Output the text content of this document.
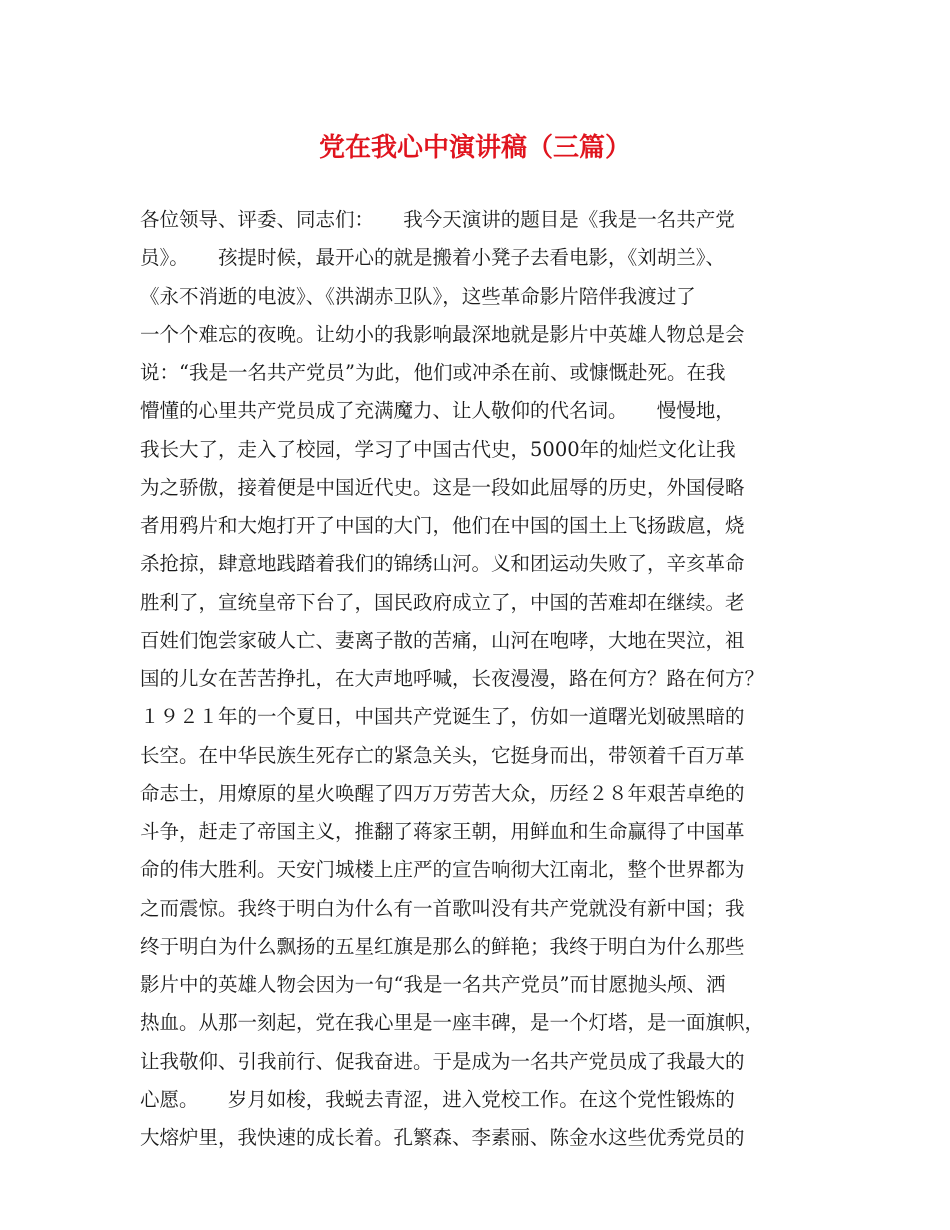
党在我心中演讲稿（三篇）
各位领导、评委、同志们：　　我今天演讲的题目是《我是一名共产党
员》。　　孩提时候，最开心的就是搬着小凳子去看电影，《刘胡兰》、
《永不消逝的电波》、《洪湖赤卫队》，这些革命影片陪伴我渡过了
一个个难忘的夜晚。让幼小的我影响最深地就是影片中英雄人物总是会
说：“我是一名共产党员”为此，他们或冲杀在前、或慷慨赴死。在我
懵懂的心里共产党员成了充满魔力、让人敬仰的代名词。　　慢慢地，
我长大了，走入了校园，学习了中国古代史，5000年的灿烂文化让我
为之骄傲，接着便是中国近代史。这是一段如此屈辱的历史，外国侵略
者用鸦片和大炮打开了中国的大门，他们在中国的国土上飞扬跋扈，烧
杀抢掠，肆意地践踏着我们的锦绣山河。义和团运动失败了，辛亥革命
胜利了，宣统皇帝下台了，国民政府成立了，中国的苦难却在继续。老
百姓们饱尝家破人亡、妻离子散的苦痛，山河在咆哮，大地在哭泣，祖
国的儿女在苦苦挣扎，在大声地呼喊，长夜漫漫，路在何方？路在何方？
１９２１年的一个夏日，中国共产党诞生了，仿如一道曙光划破黑暗的
长空。在中华民族生死存亡的紧急关头，它挺身而出，带领着千百万革
命志士，用燎原的星火唤醒了四万万劳苦大众，历经２８年艰苦卓绝的
斗争，赶走了帝国主义，推翻了蒋家王朝，用鲜血和生命赢得了中国革
命的伟大胜利。天安门城楼上庄严的宣告响彻大江南北，整个世界都为
之而震惊。我终于明白为什么有一首歌叫没有共产党就没有新中国；我
终于明白为什么飘扬的五星红旗是那么的鲜艳；我终于明白为什么那些
影片中的英雄人物会因为一句“我是一名共产党员”而甘愿抛头颅、洒
热血。从那一刻起，党在我心里是一座丰碑，是一个灯塔，是一面旗帜，
让我敬仰、引我前行、促我奋进。于是成为一名共产党员成了我最大的
心愿。　　岁月如梭，我蜕去青涩，进入党校工作。在这个党性锻炼的
大熔炉里，我快速的成长着。孔繁森、李素丽、陈金水这些优秀党员的
